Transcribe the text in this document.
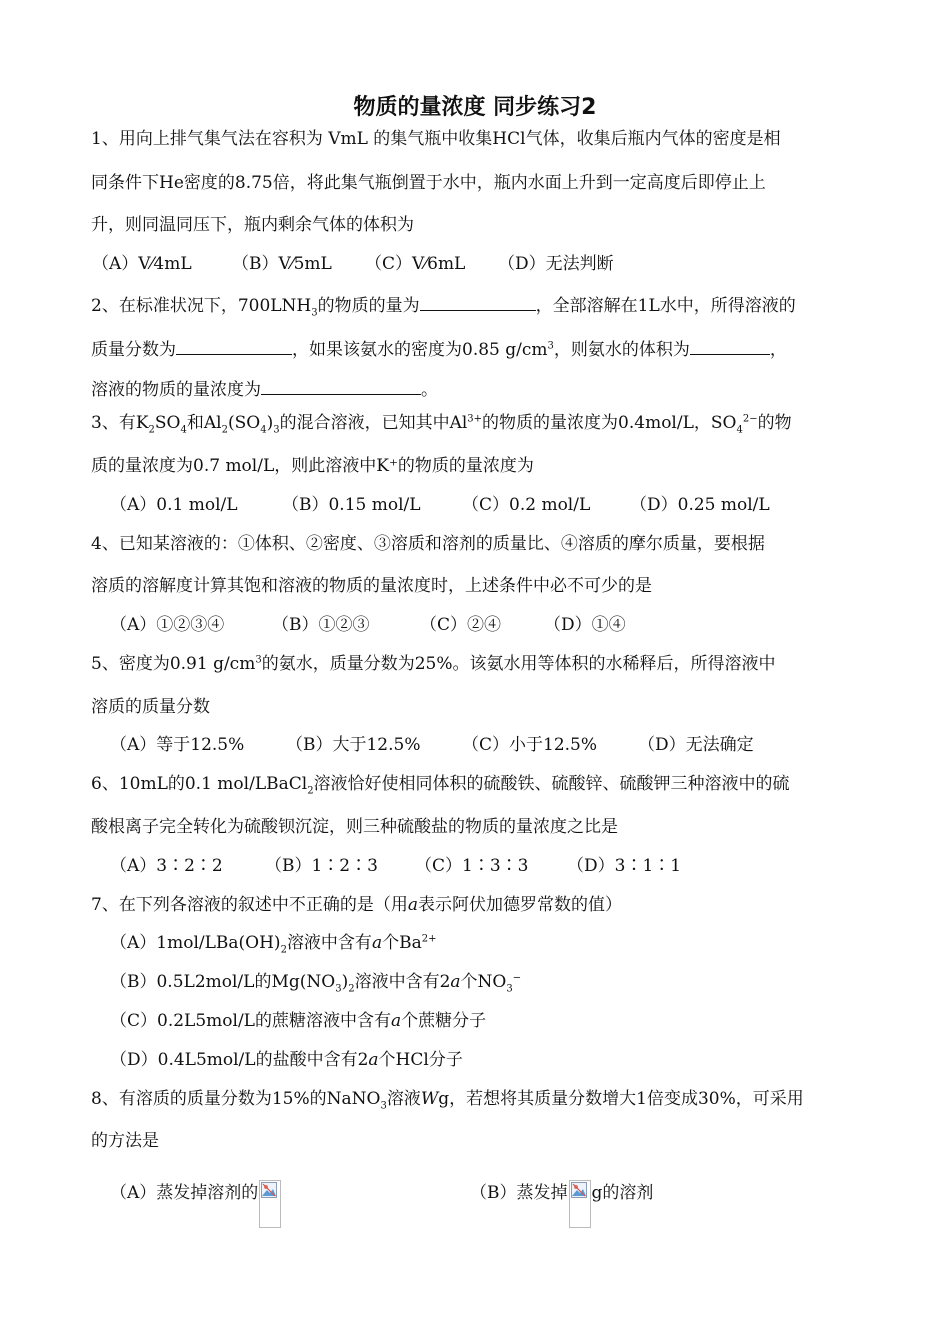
物质的量浓度 同步练习2
1、用向上排气集气法在容积为 VmL 的集气瓶中收集HCl气体，收集后瓶内气体的密度是相
同条件下He密度的8.75倍，将此集气瓶倒置于水中，瓶内水面上升到一定高度后即停止上
升，则同温同压下，瓶内剩余气体的体积为
（A）V⁄4mL （B）V⁄5mL （C）V⁄6mL （D）无法判断
2、在标准状况下，$700LNH_3$的物质的量为	，全部溶解在1L水中，所得溶液的
质量分数为	，如果该氨水的密度为0.85 $g/cm^3$，则氨水的体积为	，
溶液的物质的量浓度为	。
3、有$K_2SO_4$和$Al_2(SO_4)_3$的混合溶液，已知其中$Al^{3+}$的物质的量浓度为0.4mol/L，$SO_4^{2-}$的物
质的量浓度为0.7 mol/L，则此溶液中K⁺的物质的量浓度为
（A）0.1 mol/L	（B）0.15 mol/L （C）0.2 mol/L （D）0.25 mol/L
4、已知某溶液的：①体积、②密度、③溶质和溶剂的质量比、④溶质的摩尔质量，要根据
溶质的溶解度计算其饱和溶液的物质的量浓度时，上述条件中必不可少的是
（A）①②③④	（B）①②③	（C）②④	（D）①④
5、密度为0.91 $g/cm^3$的氨水，质量分数为25%。该氨水用等体积的水稀释后，所得溶液中
溶质的质量分数
（A）等于12.5% （B）大于12.5% （C）小于12.5% （D）无法确定
6、10mL的0.1 mol/LBaCl$_2$溶液恰好使相同体积的硫酸铁、硫酸锌、硫酸钾三种溶液中的硫
酸根离子完全转化为硫酸钡沉淀，则三种硫酸盐的物质的量浓度之比是
（A）3∶2∶2 （B）1∶2∶3 （C）1∶3∶3 （D）3∶1∶1
7、在下列各溶液的叙述中不正确的是（用a表示阿伏加德罗常数的值）
$(A)1mol/LBa(OH)_2$溶液中含有a个$Ba^{2+}$
（B）0.5L2mol/L的$Mg(NO_3)_2$溶液中含有2a个$NO_3^-$
（C）0.2L5mol/L的蔗糖溶液中含有a个蔗糖分子
（D）0.4L5mol/L的盐酸中含有2a个HCl分子
8、有溶质的质量分数为15%的NaNO$_3$溶液Wg，若想将其质量分数增大1倍变成30%，可采用
的方法是
（A）蒸发掉溶剂的	（B）蒸发掉 g的溶剂
